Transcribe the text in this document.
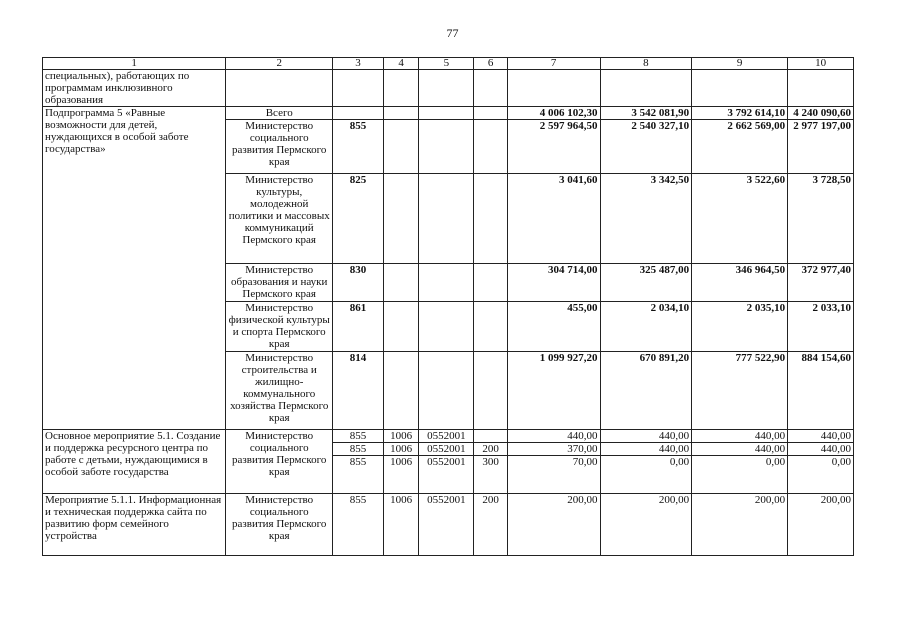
77
1	2	3	4	5	6	7	8	9	10
специальных), работающих по программам инклюзивного образования									
Подпрограмма 5 «Равные возможности для детей, нуждающихся в особой заботе государства»	Всего					4 006 102,30	3 542 081,90	3 792 614,10	4 240 090,60
	Министерство социального развития Пермского края	855				2 597 964,50	2 540 327,10	2 662 569,00	2 977 197,00
	Министерство культуры, молодежной политики и массовых коммуникаций Пермского края	825				3 041,60	3 342,50	3 522,60	3 728,50
	Министерство образования и науки Пермского края	830				304 714,00	325 487,00	346 964,50	372 977,40
	Министерство физической культуры и спорта Пермского края	861				455,00	2 034,10	2 035,10	2 033,10
	Министерство строительства и жилищно-коммунального хозяйства Пермского края	814				1 099 927,20	670 891,20	777 522,90	884 154,60
Основное мероприятие 5.1. Создание и поддержка ресурсного центра по работе с детьми, нуждающимися в особой заботе государства	Министерство социального развития Пермского края	855	1006	0552001		440,00	440,00	440,00	440,00
		855	1006	0552001	200	370,00	440,00	440,00	440,00
		855	1006	0552001	300	70,00	0,00	0,00	0,00
Мероприятие 5.1.1. Информационная и техническая поддержка сайта по развитию форм семейного устройства	Министерство социального развития Пермского края	855	1006	0552001	200	200,00	200,00	200,00	200,00
